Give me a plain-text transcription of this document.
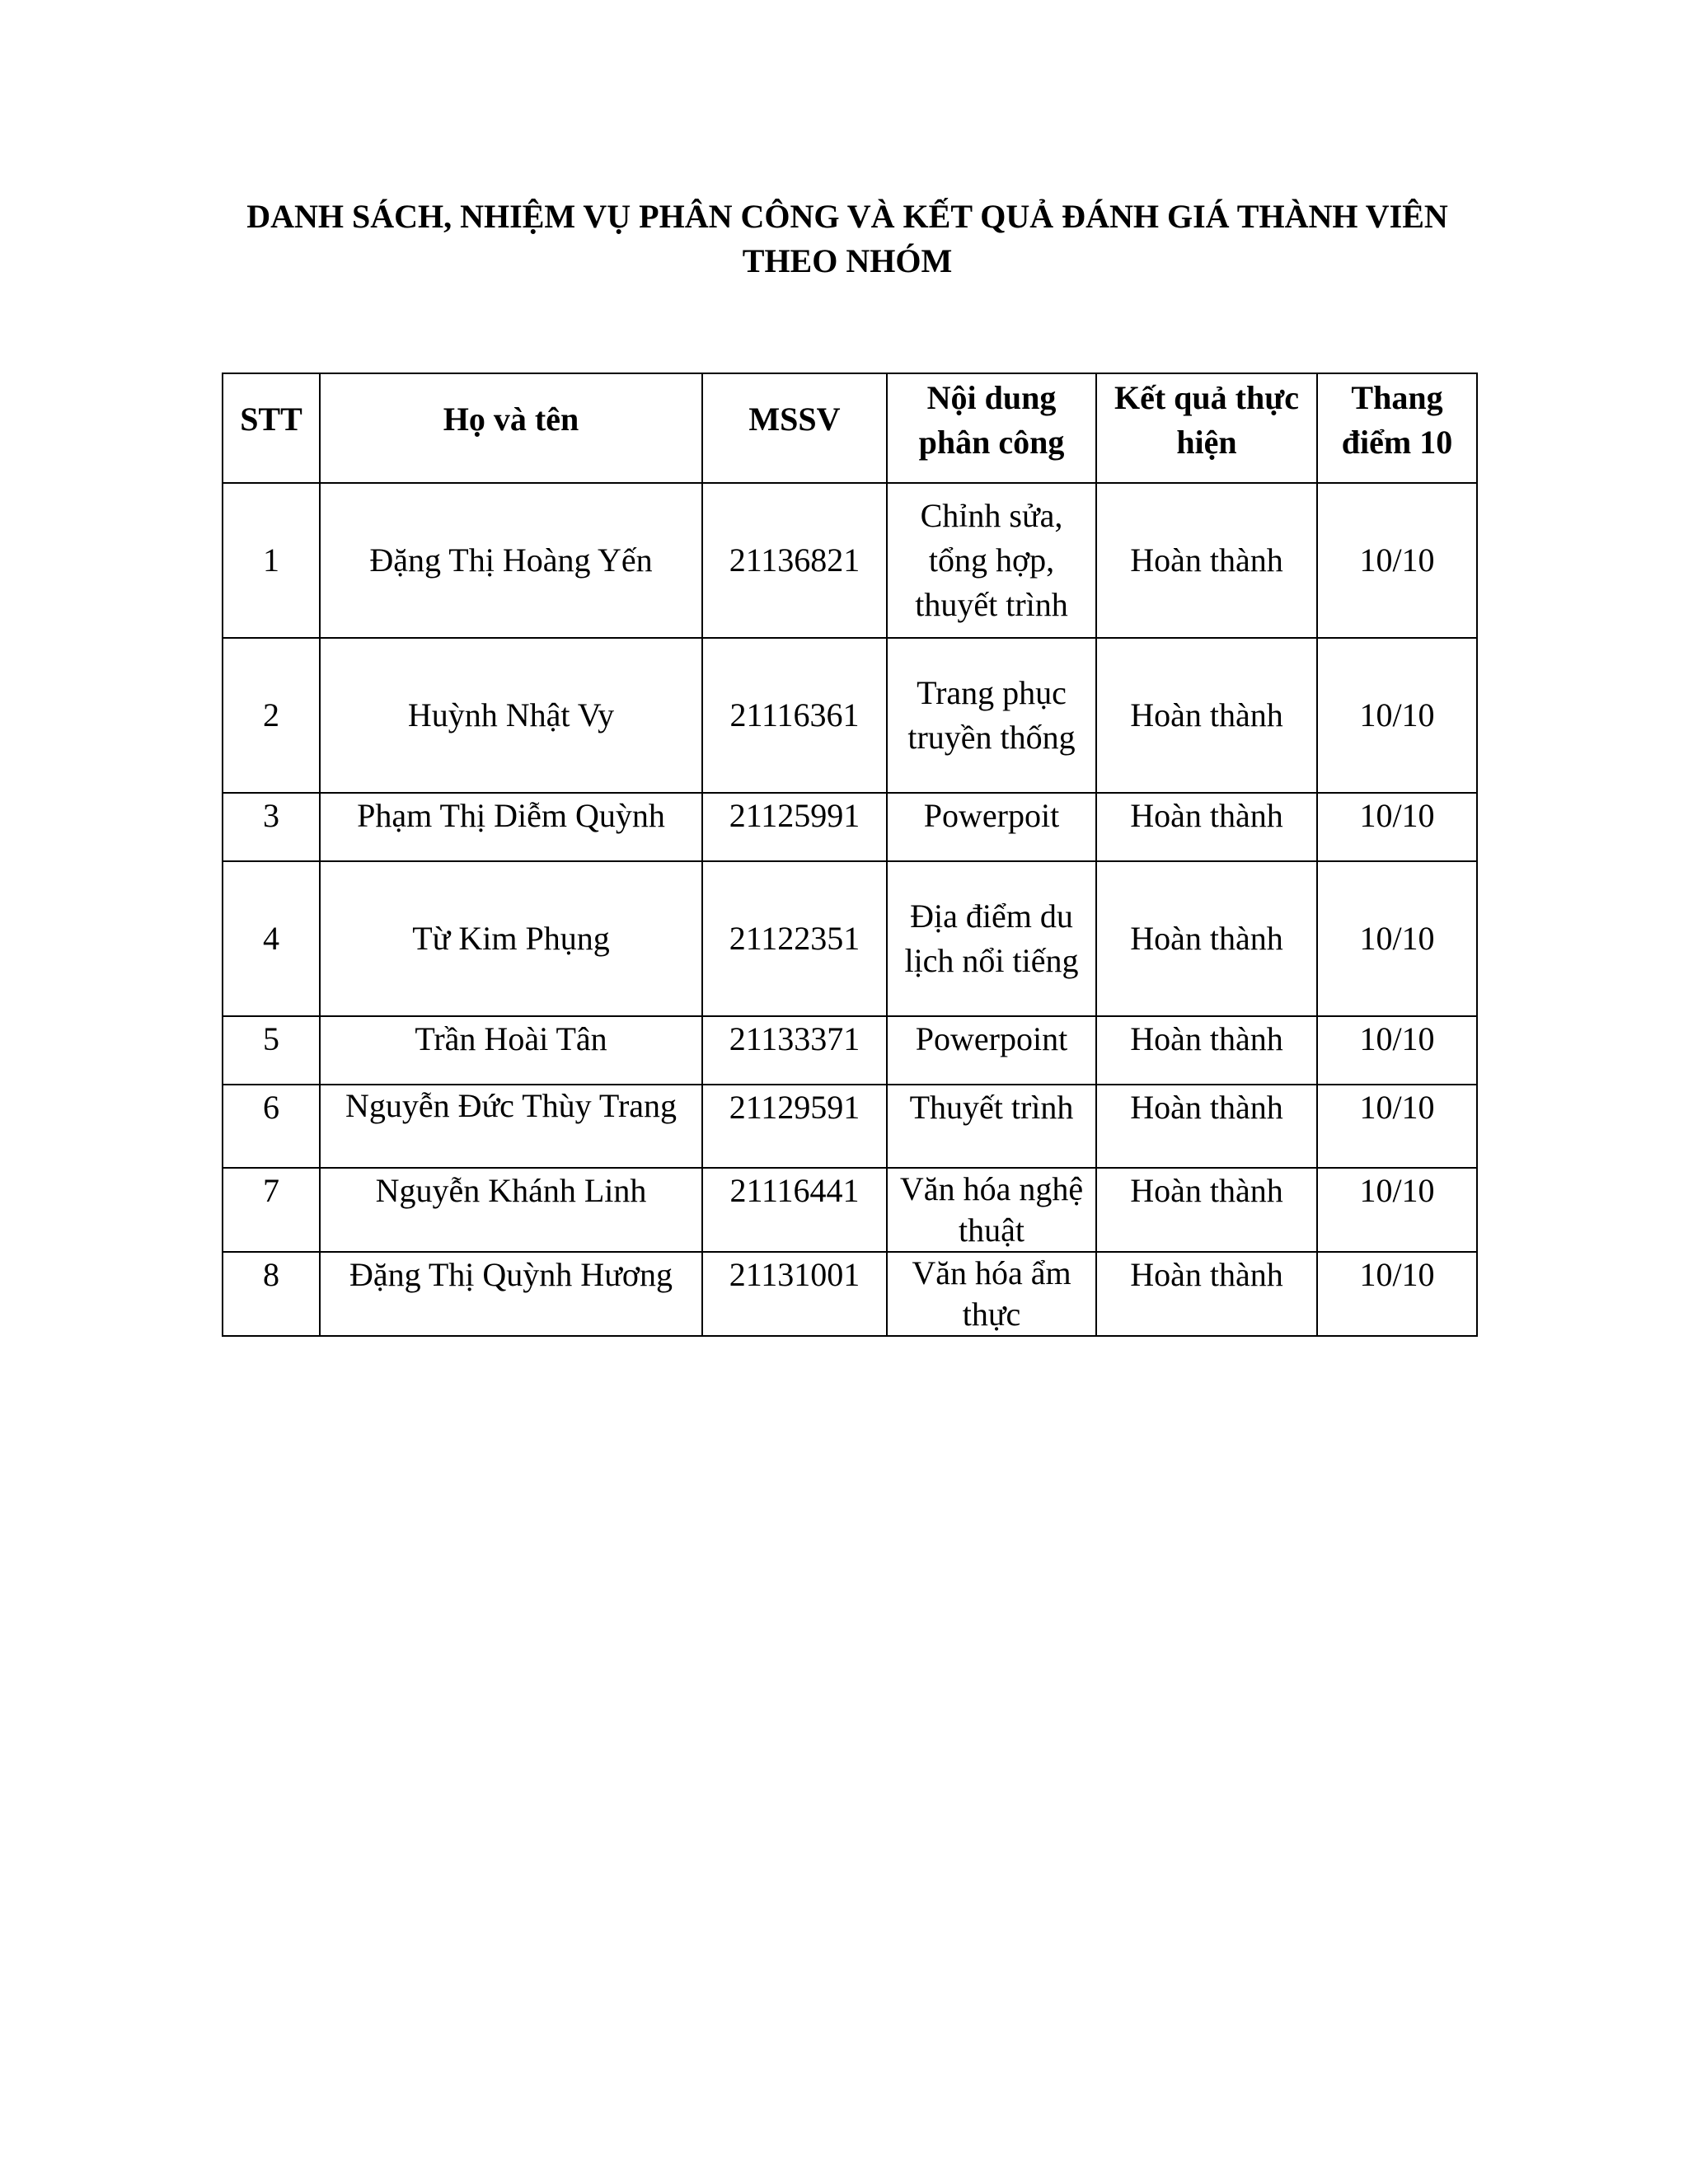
DANH SÁCH, NHIỆM VỤ PHÂN CÔNG VÀ KẾT QUẢ ĐÁNH GIÁ THÀNH VIÊN THEO NHÓM
STT	Họ và tên	MSSV	Nội dung phân công	Kết quả thực hiện	Thang điểm 10
1	Đặng Thị Hoàng Yến	21136821	Chỉnh sửa, tổng hợp, thuyết trình	Hoàn thành	10/10
2	Huỳnh Nhật Vy	21116361	Trang phục truyền thống	Hoàn thành	10/10
3	Phạm Thị Diễm Quỳnh	21125991	Powerpoit	Hoàn thành	10/10
4	Từ Kim Phụng	21122351	Địa điểm du lịch nổi tiếng	Hoàn thành	10/10
5	Trần Hoài Tân	21133371	Powerpoint	Hoàn thành	10/10
6	Nguyễn Đức Thùy Trang	21129591	Thuyết trình	Hoàn thành	10/10
7	Nguyễn Khánh Linh	21116441	Văn hóa nghệ thuật	Hoàn thành	10/10
8	Đặng Thị Quỳnh Hương	21131001	Văn hóa ẩm thực	Hoàn thành	10/10
